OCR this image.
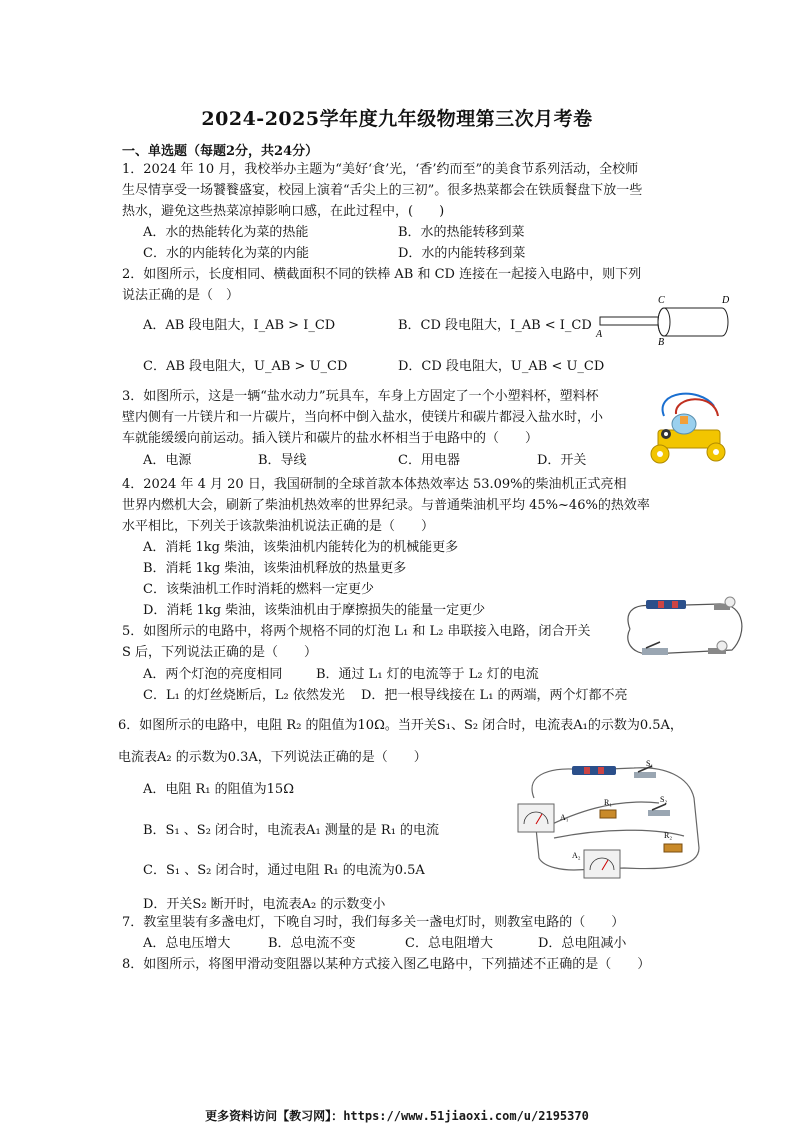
2024-2025学年度九年级物理第三次月考卷
一、单选题（每题2分，共24分）
1．2024 年 10 月，我校举办主题为“美好‘食’光，‘香’约而至”的美食节系列活动，全校师
生尽情享受一场饕餮盛宴，校园上演着“舌尖上的三初”。很多热菜都会在铁质餐盘下放一些
热水，避免这些热菜凉掉影响口感，在此过程中，(　　)
A．水的热能转化为菜的热能	B．水的热能转移到菜
C．水的内能转化为菜的内能	D．水的内能转移到菜
2．如图所示，长度相同、横截面积不同的铁棒 AB 和 CD 连接在一起接入电路中，则下列
说法正确的是（　）
A．AB 段电阻大，I_AB > I_CD	B．CD 段电阻大，I_AB < I_CD
C．AB 段电阻大，U_AB > U_CD	D．CD 段电阻大，U_AB < U_CD
C	D
A
B
3．如图所示，这是一辆“盐水动力”玩具车，车身上方固定了一个小塑料杯，塑料杯
壁内侧有一片镁片和一片碳片，当向杯中倒入盐水，使镁片和碳片都浸入盐水时，小
车就能缓缓向前运动。插入镁片和碳片的盐水杯相当于电路中的（　　）
A．电源	B．导线	C．用电器	D．开关
4．2024 年 4 月 20 日，我国研制的全球首款本体热效率达 53.09%的柴油机正式亮相
世界内燃机大会，刷新了柴油机热效率的世界纪录。与普通柴油机平均 45%~46%的热效率
水平相比，下列关于该款柴油机说法正确的是（　　）
A．消耗 1kg 柴油，该柴油机内能转化为的机械能更多
B．消耗 1kg 柴油，该柴油机释放的热量更多
C．该柴油机工作时消耗的燃料一定更少
D．消耗 1kg 柴油，该柴油机由于摩擦损失的能量一定更少
5．如图所示的电路中，将两个规格不同的灯泡 L₁ 和 L₂ 串联接入电路，闭合开关
S 后，下列说法正确的是（　　）
A．两个灯泡的亮度相同	B．通过 L₁ 灯的电流等于 L₂ 灯的电流
C．L₁ 的灯丝烧断后，L₂ 依然发光 D．把一根导线接在 L₁ 的两端，两个灯都不亮
6．如图所示的电路中，电阻 R₂ 的阻值为10Ω。当开关S₁、S₂ 闭合时，电流表A₁的示数为0.5A，
电流表A₂ 的示数为0.3A，下列说法正确的是（　　）
A．电阻 R₁ 的阻值为15Ω
B．S₁ 、S₂ 闭合时，电流表A₁ 测量的是 R₁ 的电流
C．S₁ 、S₂ 闭合时，通过电阻 R₁ 的电流为0.5A
D．开关S₂ 断开时，电流表A₂ 的示数变小
S₁
A₁
R₁	S₂
R₂
A₂
7．教室里装有多盏电灯，下晚自习时，我们每多关一盏电灯时，则教室电路的（　　）
A．总电压增大	B．总电流不变	C．总电阻增大	D．总电阻减小
8．如图所示，将图甲滑动变阻器以某种方式接入图乙电路中，下列描述不正确的是（　　）
更多资料访问【教习网】：https://www.51jiaoxi.com/u/2195370
